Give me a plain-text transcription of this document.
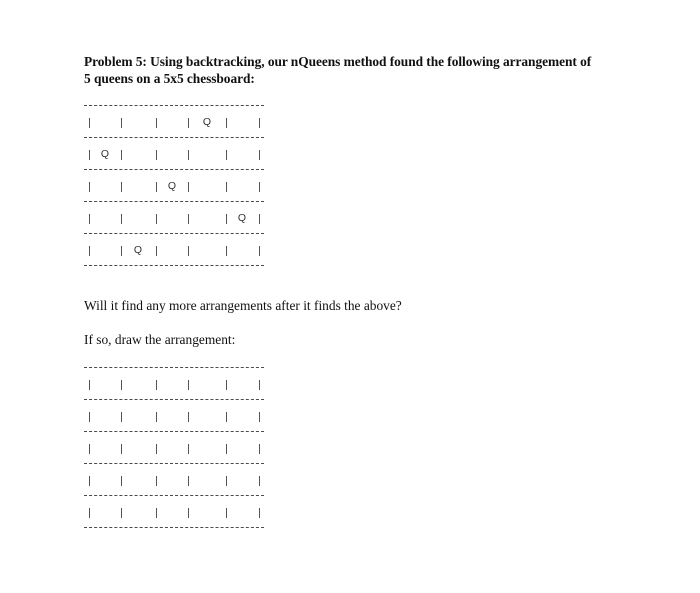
Problem 5: Using backtracking, our nQueens method found the following arrangement of
5 queens on a 5x5 chessboard:
Q
Q
Q
Q
Q
Will it find any more arrangements after it finds the above?
If so, draw the arrangement:
